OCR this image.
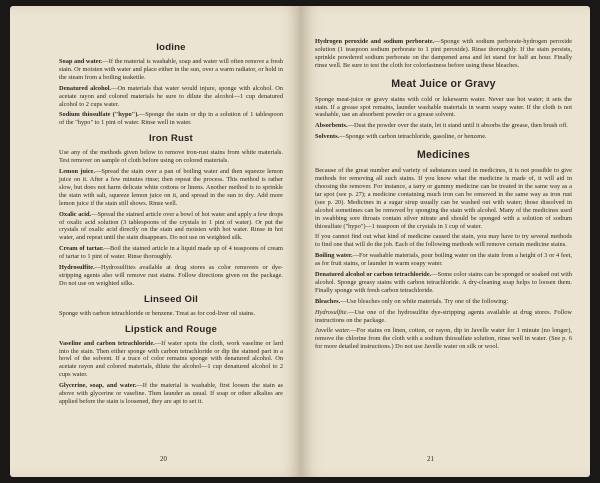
Iodine

Soap and water.—If the material is washable, soap and water will often remove a fresh stain. Or moisten with water and place either in the sun, over a warm radiator, or hold in the steam from a boiling teakettle.

Denatured alcohol.—On materials that water would injure, sponge with alcohol. On acetate rayon and colored materials be sure to dilute the alcohol—1 cup denatured alcohol to 2 cups water.

Sodium thiosulfate ("hypo").—Sponge the stain or dip in a solution of 1 tablespoon of the "hypo" to 1 pint of water. Rinse well in water.

Iron Rust

Use any of the methods given below to remove iron-rust stains from white materials. Test remover on sample of cloth before using on colored materials.

Lemon juice.—Spread the stain over a pan of boiling water and then squeeze lemon juice on it. After a few minutes rinse; then repeat the process. This method is rather slow, but does not harm delicate white cottons or linens. Another method is to sprinkle the stain with salt, squeeze lemon juice on it, and spread in the sun to dry. Add more lemon juice if the stain still shows. Rinse well.

Oxalic acid.—Spread the stained article over a bowl of hot water and apply a few drops of oxalic acid solution (3 tablespoons of the crystals to 1 pint of water). Or put the crystals of oxalic acid directly on the stain and moisten with hot water. Rinse in hot water, and repeat until the stain disappears. Do not use on weighted silk.

Cream of tartar.—Boil the stained article in a liquid made up of 4 teaspoons of cream of tartar to 1 pint of water. Rinse thoroughly.

Hydrosulfite.—Hydrosulfites available at drug stores as color removers or dye-stripping agents also will remove rust stains. Follow directions given on the package. Do not use on weighted silks.

Linseed Oil

Sponge with carbon tetrachloride or benzene. Treat as for cod-liver oil stains.

Lipstick and Rouge

Vaseline and carbon tetrachloride.—If water spots the cloth, work vaseline or lard into the stain. Then either sponge with carbon tetrachloride or dip the stained part in a bowl of the solvent. If a trace of color remains sponge with denatured alcohol. On acetate rayon and colored materials, dilute the alcohol—1 cup denatured alcohol to 2 cups water.

Glycerine, soap, and water.—If the material is washable, first loosen the stain as above with glycerine or vaseline. Then launder as usual. If soap or other alkalies are applied before the stain is loosened, they are apt to set it.

20

Hydrogen peroxide and sodium perborate.—Sponge with sodium perborate-hydrogen peroxide solution (1 teaspoon sodium perborate to 1 pint peroxide). Rinse thoroughly. If the stain persists, sprinkle powdered sodium perborate on the dampened area and let stand for half an hour. Finally rinse well. Be sure to test the cloth for colorfastness before using these bleaches.

Meat Juice or Gravy

Sponge meat-juice or gravy stains with cold or lukewarm water. Never use hot water; it sets the stain. If a grease spot remains, launder washable materials in warm soapy water. If the cloth is not washable, use an absorbent powder or a grease solvent.

Absorbents.—Dust the powder over the stain, let it stand until it absorbs the grease, then brush off.

Solvents.—Sponge with carbon tetrachloride, gasoline, or benzene.

Medicines

Because of the great number and variety of substances used in medicines, it is not possible to give methods for removing all such stains. If you know what the medicine is made of, it will aid in choosing the remover. For instance, a tarry or gummy medicine can be treated in the same way as a tar spot (see p. 27); a medicine containing much iron can be removed in the same way as iron rust (see p. 20). Medicines in a sugar sirup usually can be washed out with water; those dissolved in alcohol sometimes can be removed by sponging the stain with alcohol. Many of the medicines used in swabbing sore throats contain silver nitrate and should be sponged with a solution of sodium thiosulfate ("hypo")—1 teaspoon of the crystals in 1 cup of water.

If you cannot find out what kind of medicine caused the stain, you may have to try several methods to find one that will do the job. Each of the following methods will remove certain medicine stains.

Boiling water.—For washable materials, pour boiling water on the stain from a height of 3 or 4 feet, as for fruit stains, or launder in warm soapy water.

Denatured alcohol or carbon tetrachloride.—Some color stains can be sponged or soaked out with alcohol. Sponge greasy stains with carbon tetrachloride. A dry-cleaning soap helps to loosen them. Finally sponge with fresh carbon tetrachloride.

Bleaches.—Use bleaches only on white materials. Try one of the following:

Hydrosulfite.—Use one of the hydrosulfite dye-stripping agents available at drug stores. Follow instructions on the package.

Javelle water.—For stains on linen, cotton, or rayon, dip in Javelle water for 1 minute (no longer), remove the chlorine from the cloth with a sodium thiosulfate solution, rinse well in water. (See p. 6 for more detailed instructions.) Do not use Javelle water on silk or wool.

21
